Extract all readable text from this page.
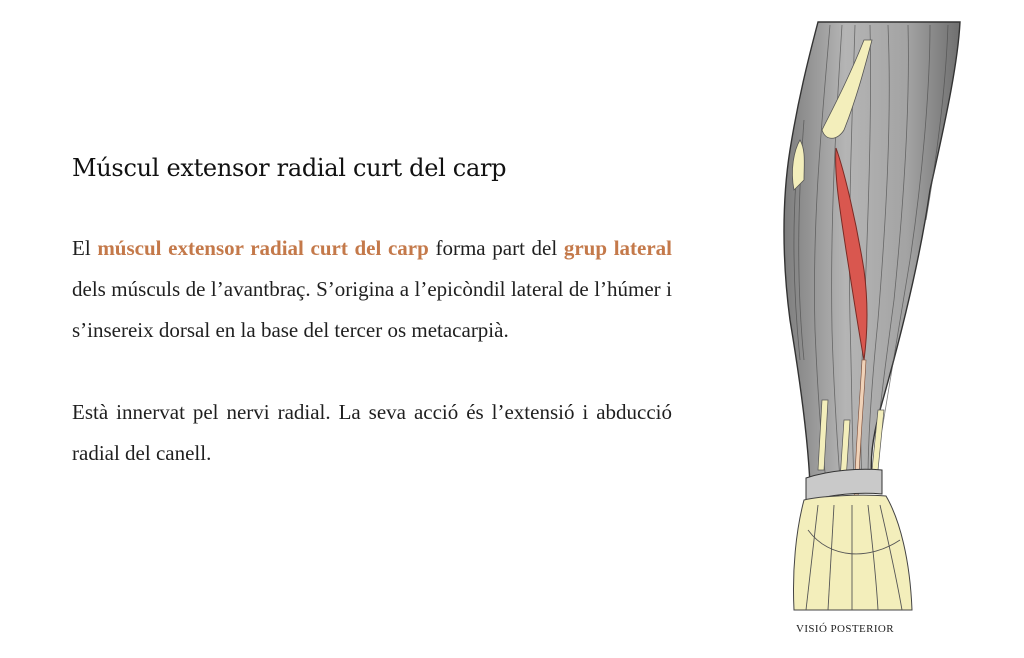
Múscul extensor radial curt del carp

El múscul extensor radial curt del carp forma part del grup lateral dels músculs de l’avantbraç. S’origina a l’epicòndil lateral de l’húmer i s’insereix dorsal en la base del tercer os metacarpià.

Està innervat pel nervi radial. La seva acció és l’extensió i abducció radial del canell.

VISIÓ POSTERIOR
